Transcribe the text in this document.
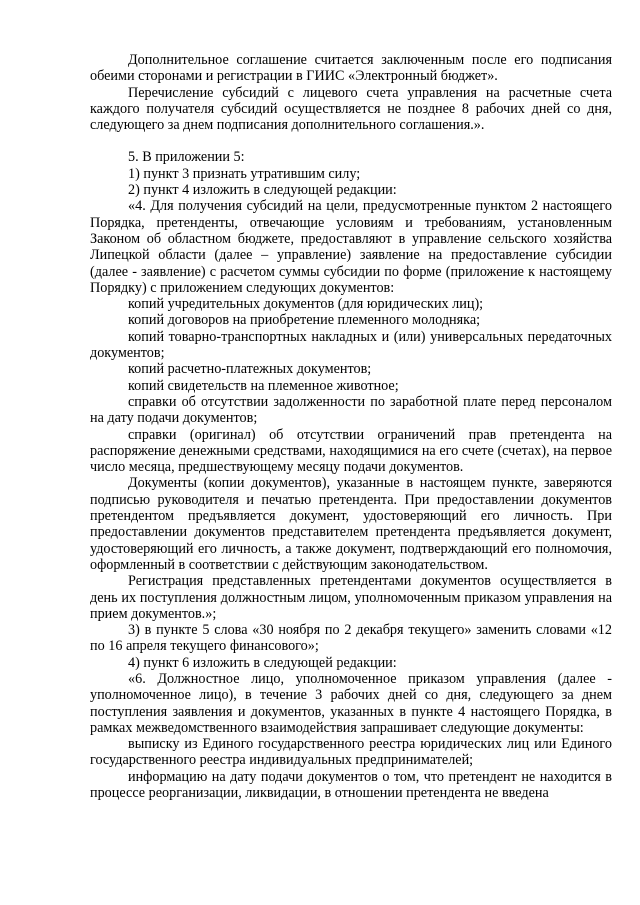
Дополнительное соглашение считается заключенным после его подписания обеими сторонами и регистрации в ГИИС «Электронный бюджет».

Перечисление субсидий с лицевого счета управления на расчетные счета каждого получателя субсидий осуществляется не позднее 8 рабочих дней со дня, следующего за днем подписания дополнительного соглашения.».

5. В приложении 5:

1) пункт 3 признать утратившим силу;

2) пункт 4 изложить в следующей редакции:

«4. Для получения субсидий на цели, предусмотренные пунктом 2 настоящего Порядка, претенденты, отвечающие условиям и требованиям, установленным Законом об областном бюджете, предоставляют в управление сельского хозяйства Липецкой области (далее – управление) заявление на предоставление субсидии (далее - заявление) с расчетом суммы субсидии по форме (приложение к настоящему Порядку) с приложением следующих документов:

копий учредительных документов (для юридических лиц);

копий договоров на приобретение племенного молодняка;

копий товарно-транспортных накладных и (или) универсальных передаточных документов;

копий расчетно-платежных документов;

копий свидетельств на племенное животное;

справки об отсутствии задолженности по заработной плате перед персоналом на дату подачи документов;

справки (оригинал) об отсутствии ограничений прав претендента на распоряжение денежными средствами, находящимися на его счете (счетах), на первое число месяца, предшествующему месяцу подачи документов.

Документы (копии документов), указанные в настоящем пункте, заверяются подписью руководителя и печатью претендента. При предоставлении документов претендентом предъявляется документ, удостоверяющий его личность. При предоставлении документов представителем претендента предъявляется документ, удостоверяющий его личность, а также документ, подтверждающий его полномочия, оформленный в соответствии с действующим законодательством.

Регистрация представленных претендентами документов осуществляется в день их поступления должностным лицом, уполномоченным приказом управления на прием документов.»;

3) в пункте 5 слова «30 ноября по 2 декабря текущего» заменить словами «12 по 16 апреля текущего финансового»;

4) пункт 6 изложить в следующей редакции:

«6. Должностное лицо, уполномоченное приказом управления (далее - уполномоченное лицо), в течение 3 рабочих дней со дня, следующего за днем поступления заявления и документов, указанных в пункте 4 настоящего Порядка, в рамках межведомственного взаимодействия запрашивает следующие документы:

выписку из Единого государственного реестра юридических лиц или Единого государственного реестра индивидуальных предпринимателей;

информацию на дату подачи документов о том, что претендент не находится в процессе реорганизации, ликвидации, в отношении претендента не введена
